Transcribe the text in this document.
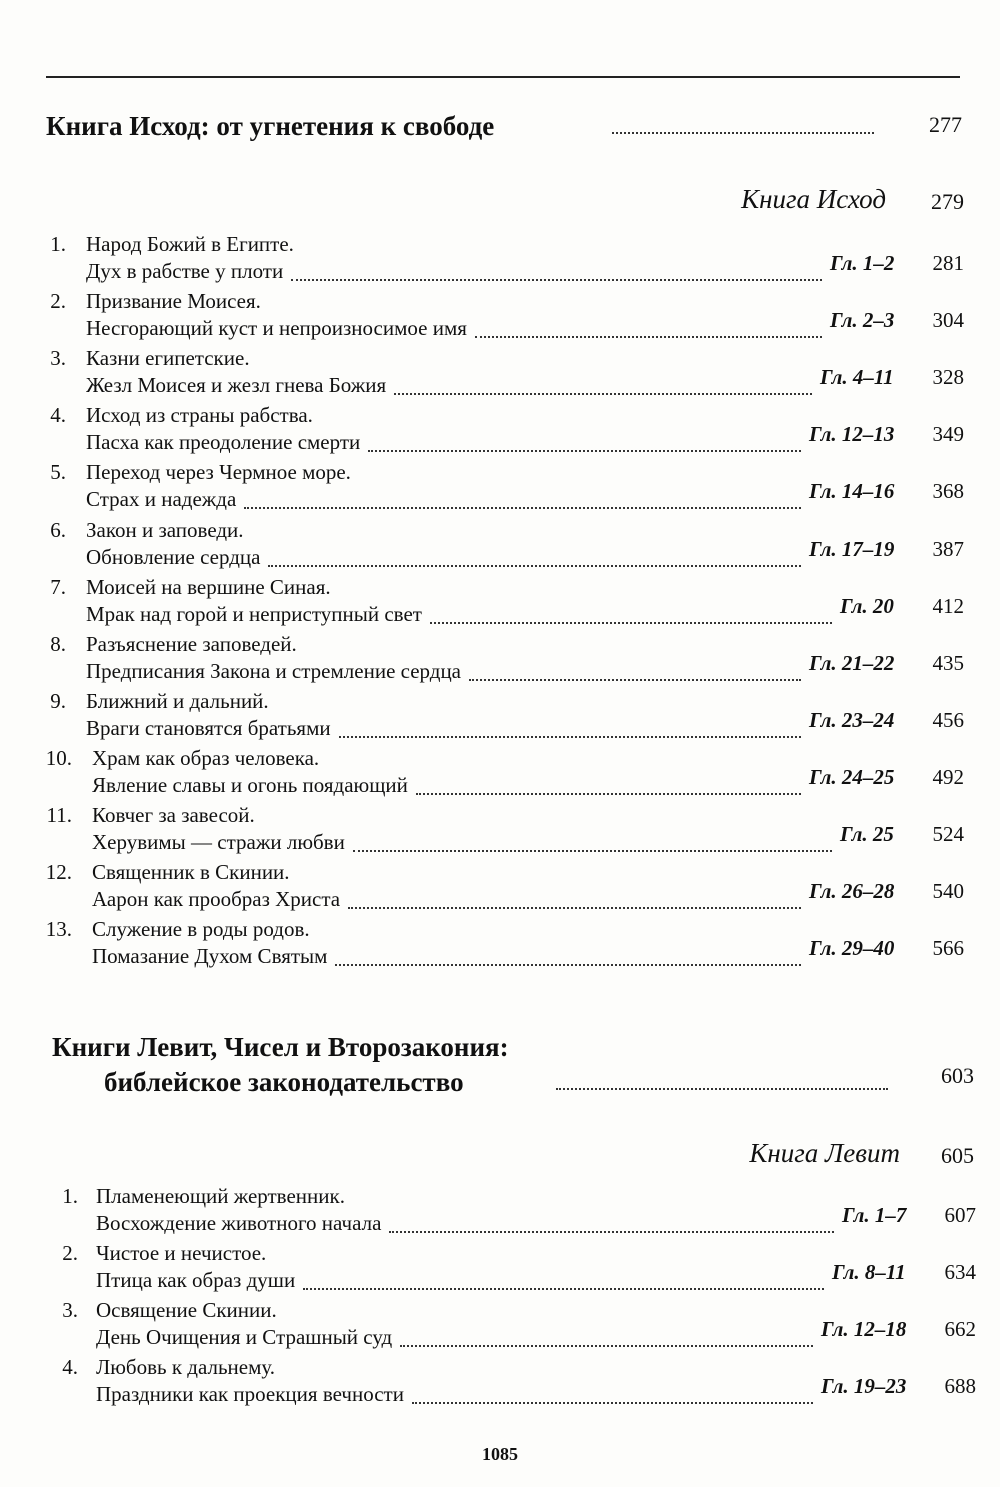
Книга Исход: от угнетения к свободе	277
Книга Исход	279
1. Народ Божий в Египте.
Дух в рабстве у плоти	Гл. 1–2	281
2. Призвание Моисея.
Несгорающий куст и непроизносимое имя	Гл. 2–3	304
3. Казни египетские.
Жезл Моисея и жезл гнева Божия	Гл. 4–11	328
4. Исход из страны рабства.
Пасха как преодоление смерти	Гл. 12–13	349
5. Переход через Чермное море.
Страх и надежда	Гл. 14–16	368
6. Закон и заповеди.
Обновление сердца	Гл. 17–19	387
7. Моисей на вершине Синая.
Мрак над горой и неприступный свет	Гл. 20	412
8. Разъяснение заповедей.
Предписания Закона и стремление сердца	Гл. 21–22	435
9. Ближний и дальний.
Враги становятся братьями	Гл. 23–24	456
10. Храм как образ человека.
Явление славы и огонь поядающий	Гл. 24–25	492
11. Ковчег за завесой.
Херувимы — стражи любви	Гл. 25	524
12. Священник в Скинии.
Аарон как прообраз Христа	Гл. 26–28	540
13. Служение в роды родов.
Помазание Духом Святым	Гл. 29–40	566
Книги Левит, Чисел и Второзакония:
библейское законодательство	603
Книга Левит	605
1. Пламенеющий жертвенник.
Восхождение животного начала	Гл. 1–7	607
2. Чистое и нечистое.
Птица как образ души	Гл. 8–11	634
3. Освящение Скинии.
День Очищения и Страшный суд	Гл. 12–18	662
4. Любовь к дальнему.
Праздники как проекция вечности	Гл. 19–23	688
1085
